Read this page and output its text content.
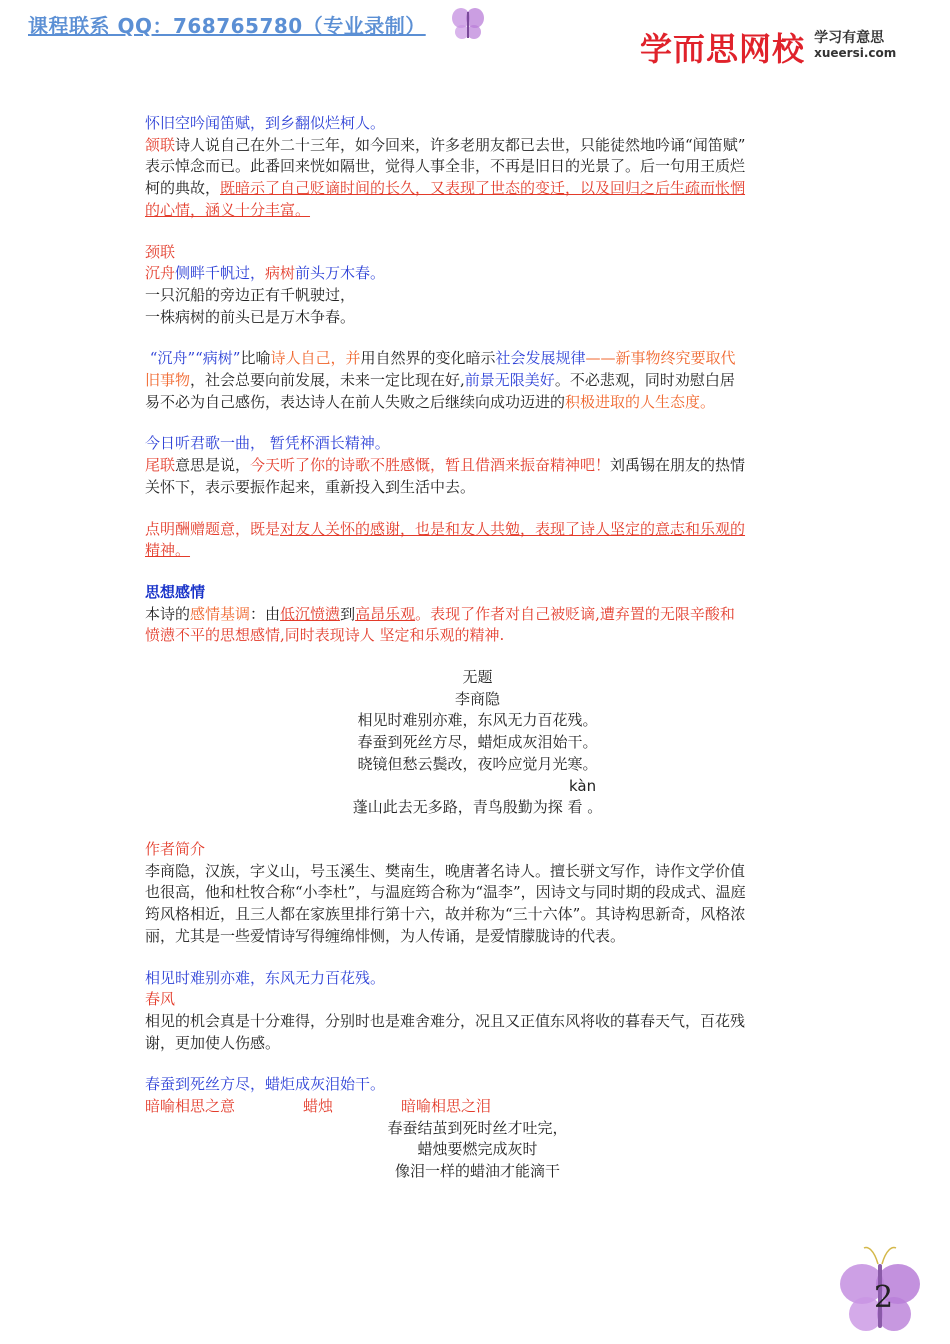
课程联系 QQ：768765780（专业录制）
学而思网校 学习有意思
xueersi.com

怀旧空吟闻笛赋，到乡翻似烂柯人。

颔联诗人说自己在外二十三年，如今回来，许多老朋友都已去世，只能徒然地吟诵“闻笛赋”

表示悼念而已。此番回来恍如隔世，觉得人事全非，不再是旧日的光景了。后一句用王质烂

柯的典故，既暗示了自己贬谪时间的长久，又表现了世态的变迁，以及回归之后生疏而怅惘

的心情，涵义十分丰富。

颈联

沉舟侧畔千帆过，病树前头万木春。

一只沉船的旁边正有千帆驶过，

一株病树的前头已是万木争春。

“沉舟”“病树”比喻诗人自己，并用自然界的变化暗示社会发展规律——新事物终究要取代

旧事物，社会总要向前发展，未来一定比现在好,前景无限美好。不必悲观，同时劝慰白居

易不必为自己感伤，表达诗人在前人失败之后继续向成功迈进的积极进取的人生态度。

今日听君歌一曲， 暂凭杯酒长精神。

尾联意思是说，今天听了你的诗歌不胜感慨，暂且借酒来振奋精神吧！刘禹锡在朋友的热情

关怀下，表示要振作起来，重新投入到生活中去。

点明酬赠题意，既是对友人关怀的感谢，也是和友人共勉，表现了诗人坚定的意志和乐观的

精神。

思想感情

本诗的感情基调：由低沉愤懑到高昂乐观。表现了作者对自己被贬谪,遭弃置的无限辛酸和

愤懑不平的思想感情,同时表现诗人 坚定和乐观的精神.

无题

李商隐

相见时难别亦难，东风无力百花残。

春蚕到死丝方尽，蜡炬成灰泪始干。

晓镜但愁云鬓改，夜吟应觉月光寒。

kàn

蓬山此去无多路，青鸟殷勤为探 看 。

作者简介

李商隐，汉族，字义山，号玉溪生、樊南生，晚唐著名诗人。擅长骈文写作，诗作文学价值

也很高，他和杜牧合称“小李杜”，与温庭筠合称为“温李”，因诗文与同时期的段成式、温庭

筠风格相近，且三人都在家族里排行第十六，故并称为“三十六体”。其诗构思新奇，风格浓

丽，尤其是一些爱情诗写得缠绵悱恻，为人传诵，是爱情朦胧诗的代表。

相见时难别亦难，东风无力百花残。

春风

相见的机会真是十分难得，分别时也是难舍难分，况且又正值东风将收的暮春天气，百花残

谢，更加使人伤感。

春蚕到死丝方尽，蜡炬成灰泪始干。

暗喻相思之意	蜡烛	暗喻相思之泪

春蚕结茧到死时丝才吐完，

蜡烛要燃完成灰时

像泪一样的蜡油才能滴干

2
